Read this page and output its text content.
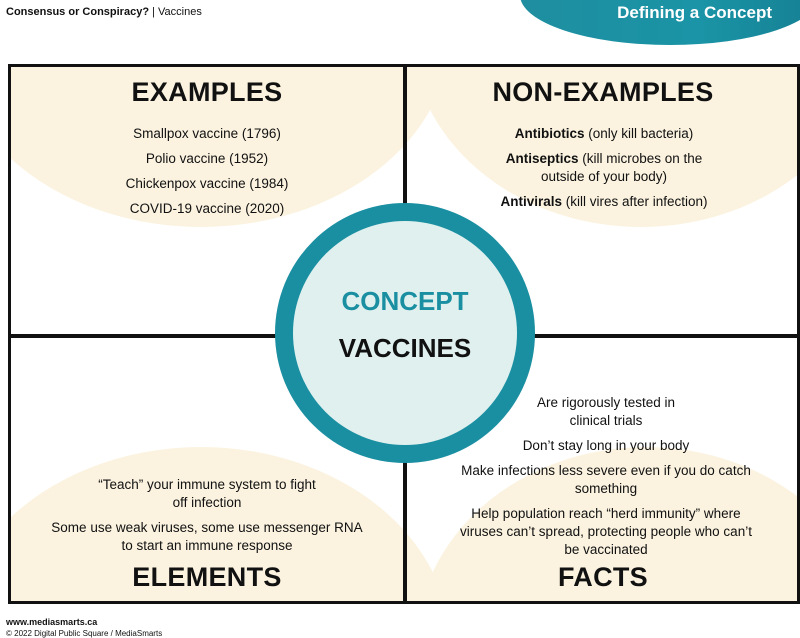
Consensus or Conspiracy? | Vaccines	Defining a Concept
EXAMPLES

Smallpox vaccine (1796)

Polio vaccine (1952)

Chickenpox vaccine (1984)

COVID-19 vaccine (2020)

NON-EXAMPLES

Antibiotics (only kill bacteria)

Antiseptics (kill microbes on the outside of your body)

Antivirals (kill vires after infection)

“Teach” your immune system to fight off infection

Some use weak viruses, some use messenger RNA to start an immune response

ELEMENTS

Are rigorously tested in clinical trials

Don’t stay long in your body

Make infections less severe even if you do catch something

Help population reach “herd immunity” where viruses can’t spread, protecting people who can’t be vaccinated

FACTS
CONCEPT
VACCINES
www.mediasmarts.ca
© 2022 Digital Public Square / MediaSmarts
